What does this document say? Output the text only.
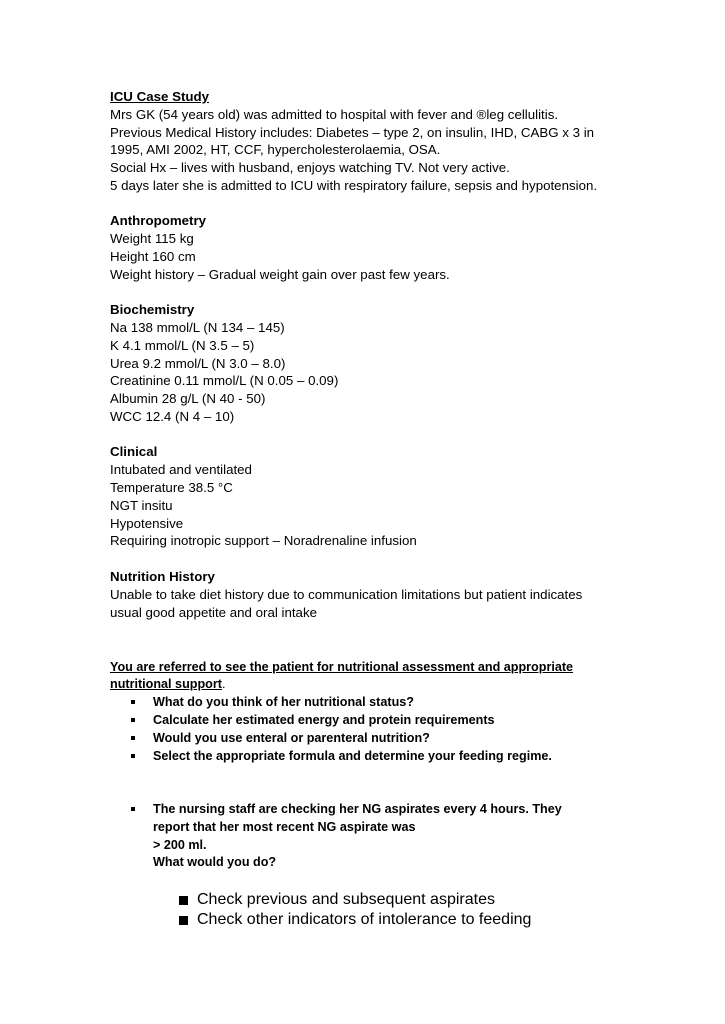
ICU Case Study
Mrs GK (54 years old) was admitted to hospital with fever and ®leg cellulitis.
Previous Medical History includes: Diabetes – type 2, on insulin, IHD, CABG x 3 in
1995, AMI 2002, HT, CCF, hypercholesterolaemia, OSA.
Social Hx – lives with husband, enjoys watching TV. Not very active.
5 days later she is admitted to ICU with respiratory failure, sepsis and hypotension.
Anthropometry
Weight 115 kg
Height 160 cm
Weight history – Gradual weight gain over past few years.
Biochemistry
Na 138 mmol/L (N 134 – 145)
K 4.1 mmol/L (N 3.5 – 5)
Urea 9.2 mmol/L (N 3.0 – 8.0)
Creatinine 0.11 mmol/L (N 0.05 – 0.09)
Albumin 28 g/L (N 40 - 50)
WCC 12.4 (N 4 – 10)
Clinical
Intubated and ventilated
Temperature 38.5 °C
NGT insitu
Hypotensive
Requiring inotropic support – Noradrenaline infusion
Nutrition History
Unable to take diet history due to communication limitations but patient indicates
usual good appetite and oral intake
You are referred to see the patient for nutritional assessment and appropriate
nutritional support.
What do you think of her nutritional status?
Calculate her estimated energy and protein requirements
Would you use enteral or parenteral nutrition?
Select the appropriate formula and determine your feeding regime.
The nursing staff are checking her NG aspirates every 4 hours. They
report that her most recent NG aspirate was
> 200 ml.
What would you do?
Check previous and subsequent aspirates
Check other indicators of intolerance to feeding
